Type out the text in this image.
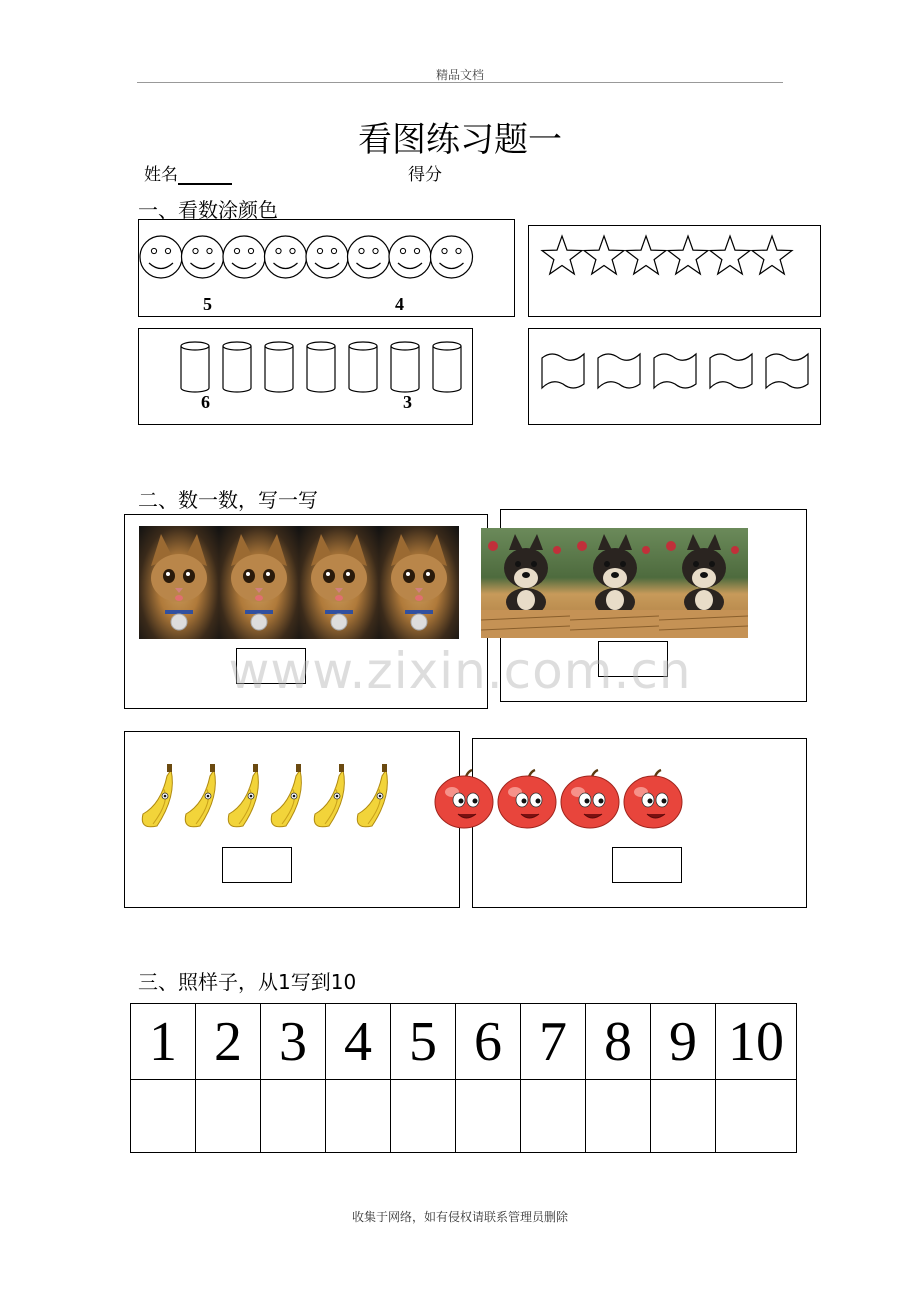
精品文档
看图练习题一
姓名	得分
一、看数涂颜色
5	4
6	3
二、数一数，写一写
www.zixin.com.cn
三、照样子，从1写到10
1	2	3	4	5	6	7	8	9	10

收集于网络，如有侵权请联系管理员删除
